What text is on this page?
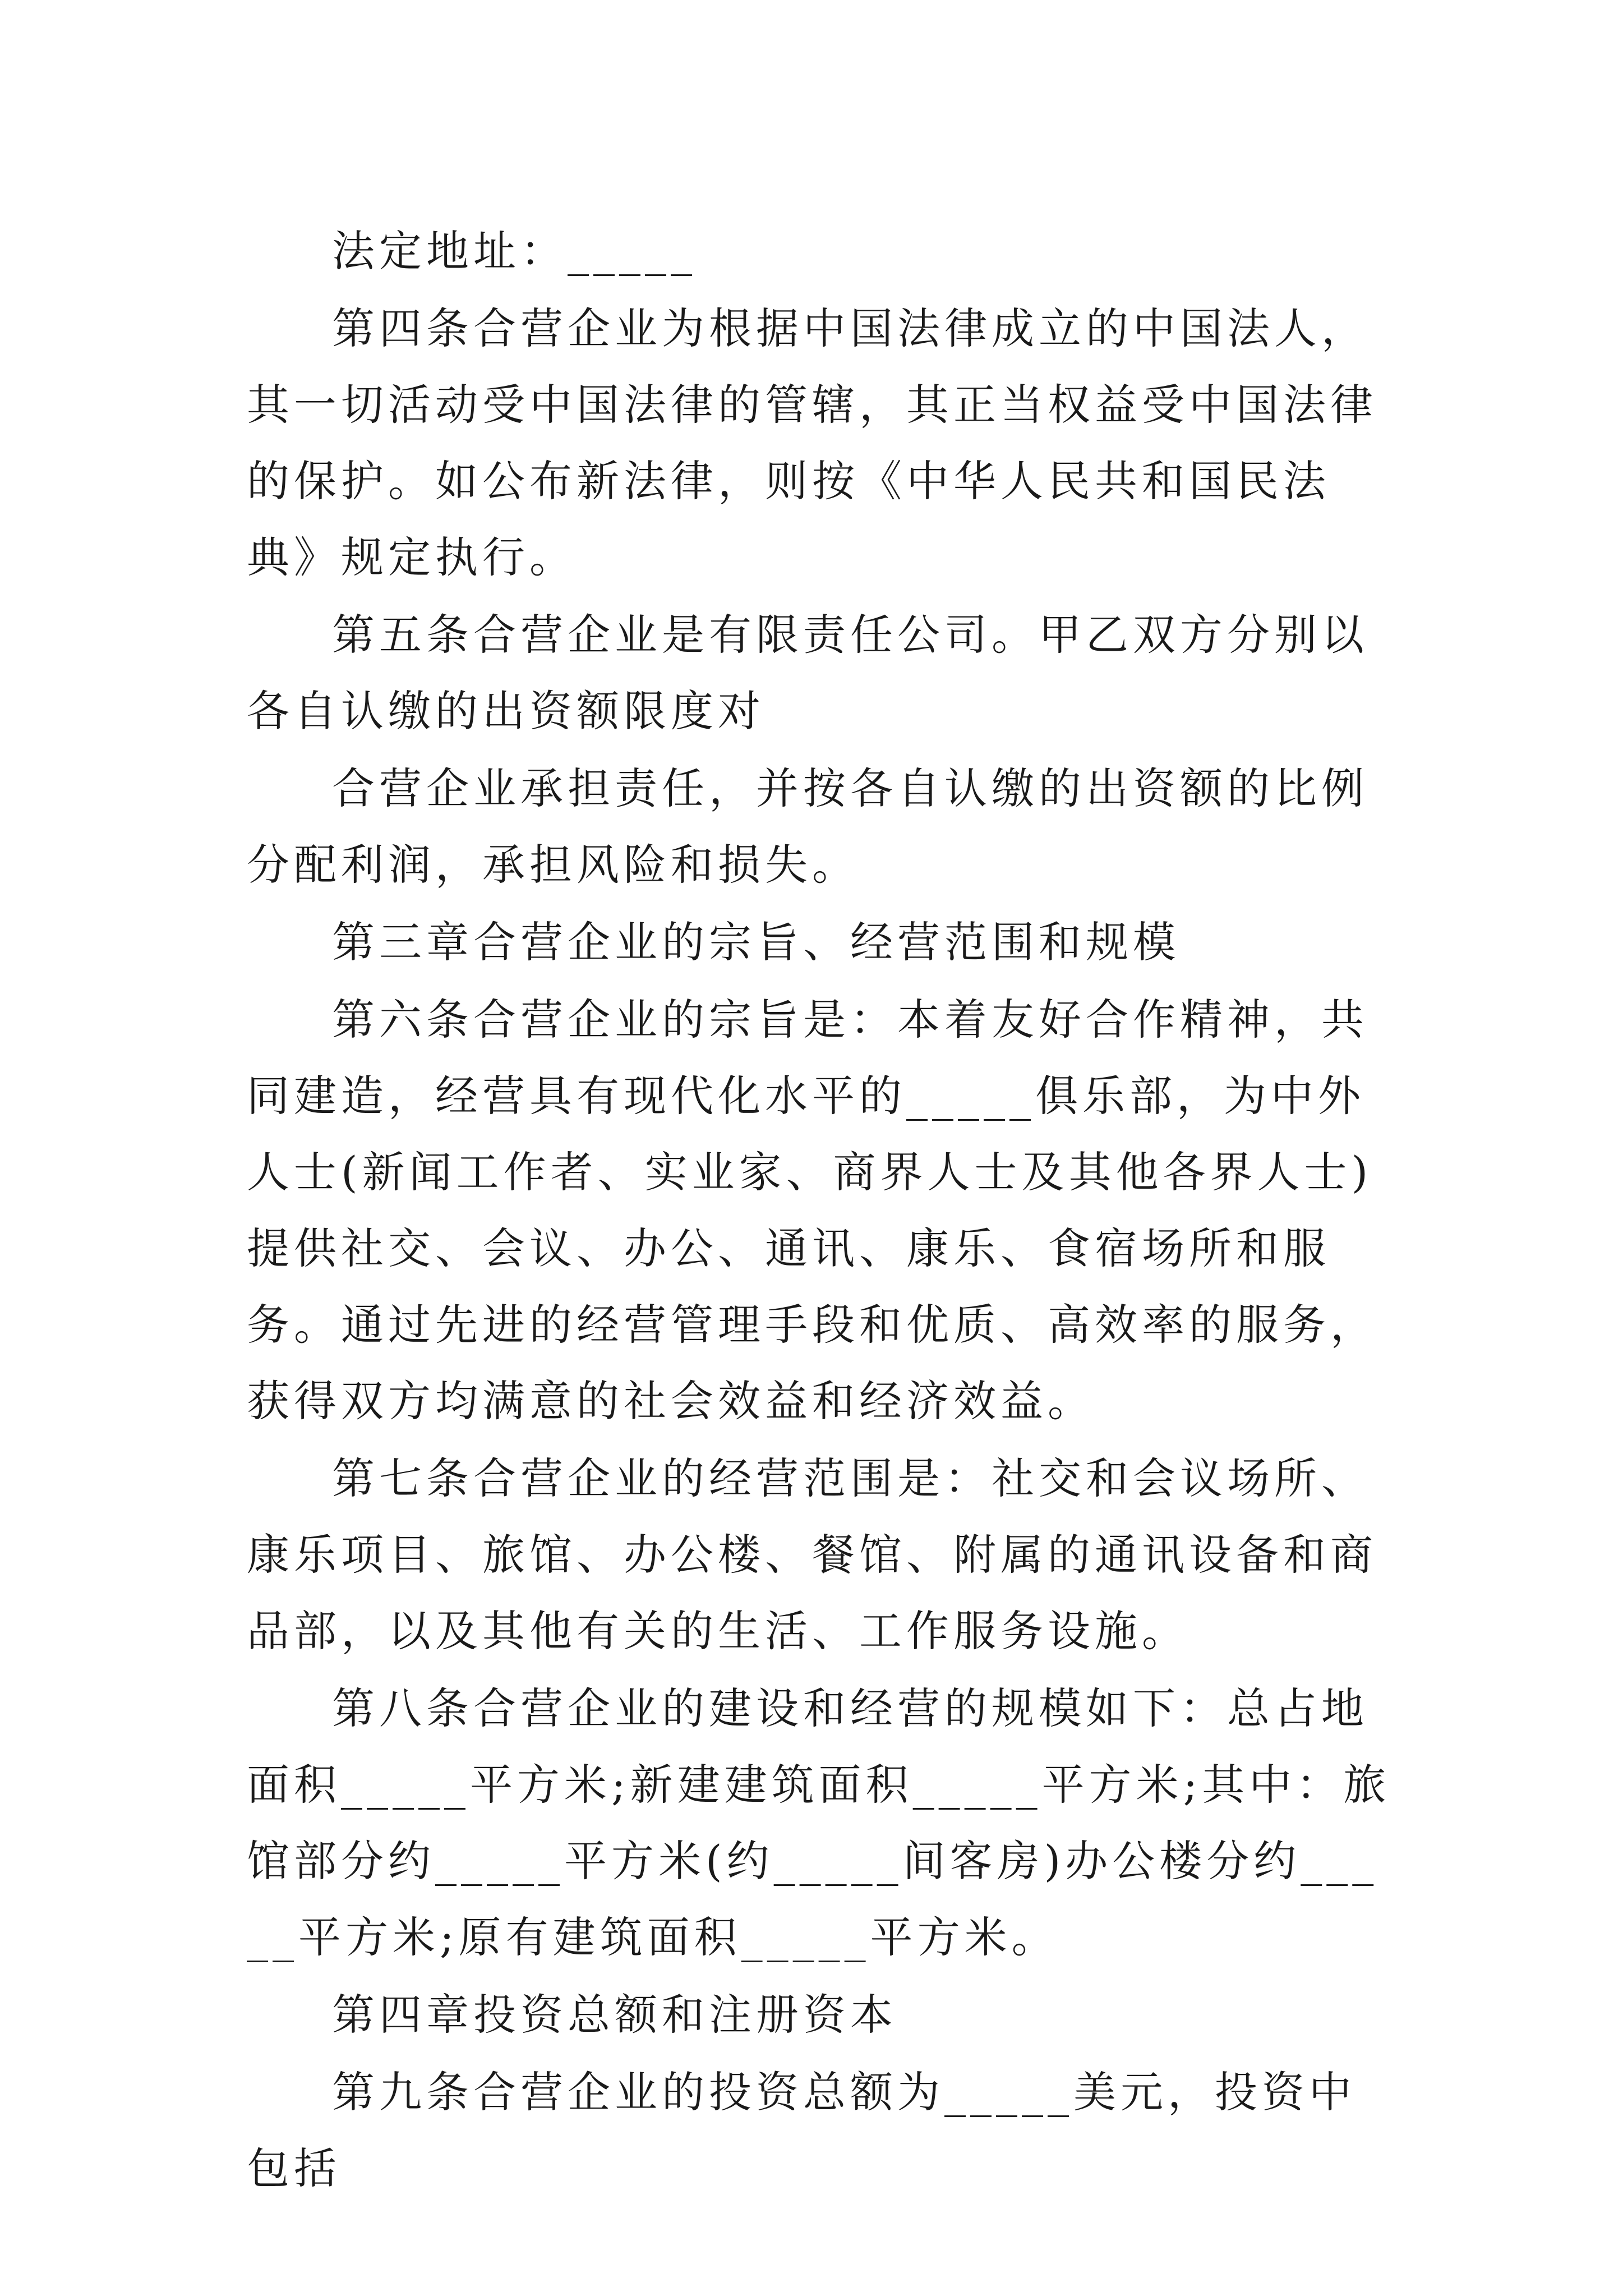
法定地址：_____

第四条合营企业为根据中国法律成立的中国法人，其一切活动受中国法律的管辖，其正当权益受中国法律的保护。如公布新法律，则按《中华人民共和国民法典》规定执行。

第五条合营企业是有限责任公司。甲乙双方分别以各自认缴的出资额限度对

合营企业承担责任，并按各自认缴的出资额的比例分配利润，承担风险和损失。

第三章合营企业的宗旨、经营范围和规模

第六条合营企业的宗旨是：本着友好合作精神，共同建造，经营具有现代化水平的_____俱乐部，为中外人士(新闻工作者、实业家、商界人士及其他各界人士)提供社交、会议、办公、通讯、康乐、食宿场所和服务。通过先进的经营管理手段和优质、高效率的服务，获得双方均满意的社会效益和经济效益。

第七条合营企业的经营范围是：社交和会议场所、康乐项目、旅馆、办公楼、餐馆、附属的通讯设备和商品部，以及其他有关的生活、工作服务设施。

第八条合营企业的建设和经营的规模如下：总占地面积_____平方米;新建建筑面积_____平方米;其中：旅馆部分约_____平方米(约_____间客房)办公楼分约_____平方米;原有建筑面积_____平方米。

第四章投资总额和注册资本

第九条合营企业的投资总额为_____美元，投资中包括
